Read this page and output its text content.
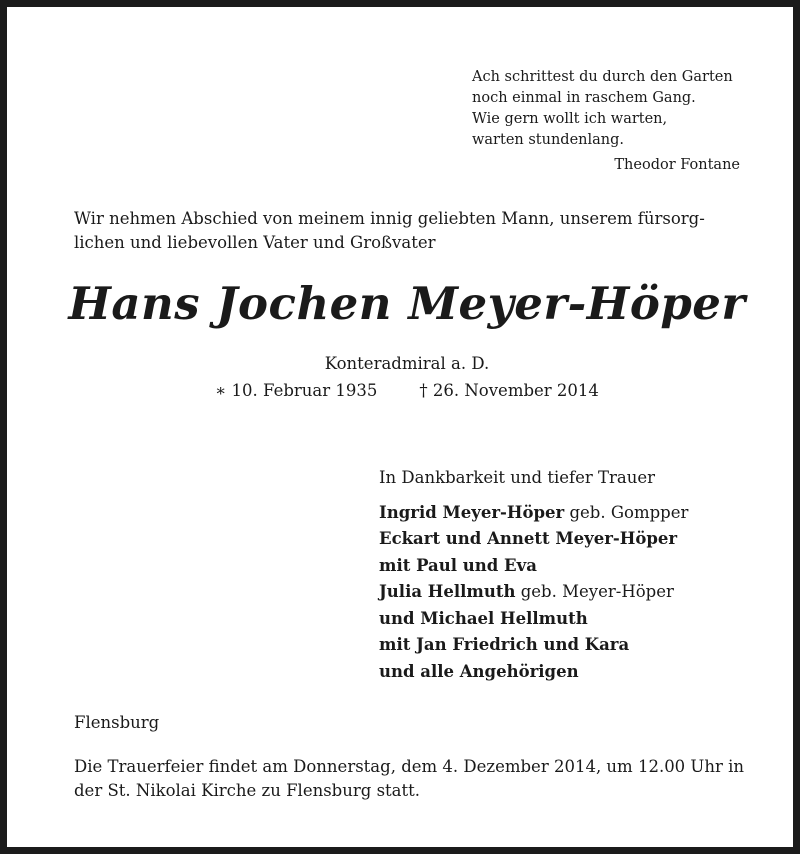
Ach schrittest du durch den Garten
noch einmal in raschem Gang.
Wie gern wollt ich warten,
warten stundenlang.
Theodor Fontane
Wir nehmen Abschied von meinem innig geliebten Mann, unserem fürsorg-
lichen und liebevollen Vater und Großvater
Hans Jochen Meyer-Höper
Konteradmiral a. D.
∗ 10. Februar 1935	† 26. November 2014
In Dankbarkeit und tiefer Trauer
Ingrid Meyer-Höper geb. Gompper
Eckart und Annett Meyer-Höper
mit Paul und Eva
Julia Hellmuth geb. Meyer-Höper
und Michael Hellmuth
mit Jan Friedrich und Kara
und alle Angehörigen
Flensburg
Die Trauerfeier findet am Donnerstag, dem 4. Dezember 2014, um 12.00 Uhr in
der St. Nikolai Kirche zu Flensburg statt.
